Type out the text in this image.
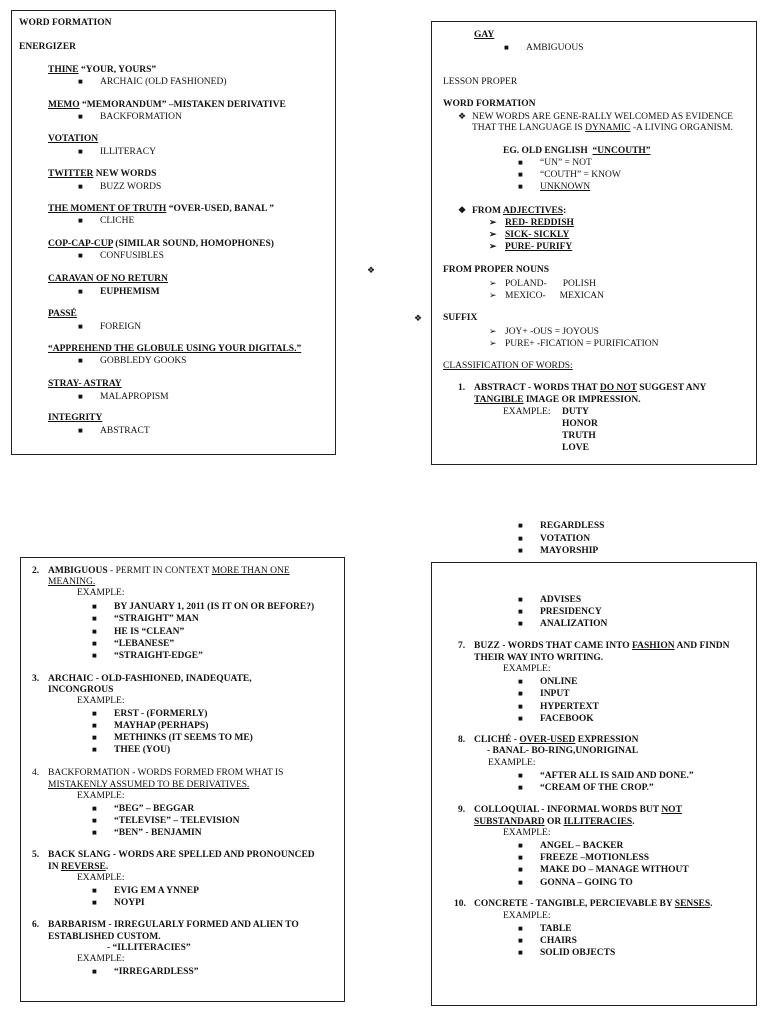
WORD FORMATION
ENERGIZER
THINE “YOUR, YOURS”
■ ARCHAIC (OLD FASHIONED)
MEMO “MEMORANDUM” –MISTAKEN DERIVATIVE
■ BACKFORMATION
VOTATION
■ ILLITERACY
TWITTER NEW WORDS
■ BUZZ WORDS
THE MOMENT OF TRUTH “OVER-USED, BANAL ”
■ CLICHE
COP-CAP-CUP (SIMILAR SOUND, HOMOPHONES)
■ CONFUSIBLES
CARAVAN OF NO RETURN
■ EUPHEMISM
PASSÉ
■ FOREIGN
“APPREHEND THE GLOBULE USING YOUR DIGITALS.”
■ GOBBLEDY GOOKS
STRAY- ASTRAY
■ MALAPROPISM
INTEGRITY
■ ABSTRACT
❖
❖
GAY
■ AMBIGUOUS
LESSON PROPER
WORD FORMATION
❖ NEW WORDS ARE GENE-RALLY WELCOMED AS EVIDENCE
THAT THE LANGUAGE IS DYNAMIC -A LIVING ORGANISM.
EG. OLD ENGLISH “UNCOUTH”
■ “UN” = NOT
■ “COUTH” = KNOW
■ UNKNOWN
❖ FROM ADJECTIVES:
➢ RED- REDDISH
➢ SICK- SICKLY
➢ PURE- PURIFY
FROM PROPER NOUNS
➢ POLAND- POLISH
➢ MEXICO- MEXICAN
SUFFIX
➢ JOY+ -OUS = JOYOUS
➢ PURE+ -FICATION = PURIFICATION
CLASSIFICATION OF WORDS:
1. ABSTRACT - WORDS THAT DO NOT SUGGEST ANY
TANGIBLE IMAGE OR IMPRESSION.
EXAMPLE: DUTY
HONOR
TRUTH
LOVE
■ REGARDLESS
■ VOTATION
■ MAYORSHIP
2. AMBIGUOUS - PERMIT IN CONTEXT MORE THAN ONE
MEANING.
EXAMPLE:
■ BY JANUARY 1, 2011 (IS IT ON OR BEFORE?)
■ “STRAIGHT” MAN
■ HE IS “CLEAN”
■ “LEBANESE”
■ “STRAIGHT-EDGE”
3. ARCHAIC - OLD-FASHIONED, INADEQUATE,
INCONGROUS
EXAMPLE:
■ ERST - (FORMERLY)
■ MAYHAP (PERHAPS)
■ METHINKS (IT SEEMS TO ME)
■ THEE (YOU)
4. BACKFORMATION - WORDS FORMED FROM WHAT IS
MISTAKENLY ASSUMED TO BE DERIVATIVES.
EXAMPLE:
■ “BEG” – BEGGAR
■ “TELEVISE” – TELEVISION
■ “BEN” - BENJAMIN
5. BACK SLANG - WORDS ARE SPELLED AND PRONOUNCED
IN REVERSE.
EXAMPLE:
■ EVIG EM A YNNEP
■ NOYPI
6. BARBARISM - IRREGULARLY FORMED AND ALIEN TO
ESTABLISHED CUSTOM.
- “ILLITERACIES”
EXAMPLE:
■ “IRREGARDLESS”
■ ADVISES
■ PRESIDENCY
■ ANALIZATION
7. BUZZ - WORDS THAT CAME INTO FASHION AND FINDN
THEIR WAY INTO WRITING.
EXAMPLE:
■ ONLINE
■ INPUT
■ HYPERTEXT
■ FACEBOOK
8. CLICHÉ - OVER-USED EXPRESSION
- BANAL- BO-RING,UNORIGINAL
EXAMPLE:
■ “AFTER ALL IS SAID AND DONE.”
■ “CREAM OF THE CROP.”
9. COLLOQUIAL - INFORMAL WORDS BUT NOT
SUBSTANDARD OR ILLITERACIES.
EXAMPLE:
■ ANGEL – BACKER
■ FREEZE –MOTIONLESS
■ MAKE DO – MANAGE WITHOUT
■ GONNA – GOING TO
10. CONCRETE - TANGIBLE, PERCIEVABLE BY SENSES.
EXAMPLE:
■ TABLE
■ CHAIRS
■ SOLID OBJECTS
